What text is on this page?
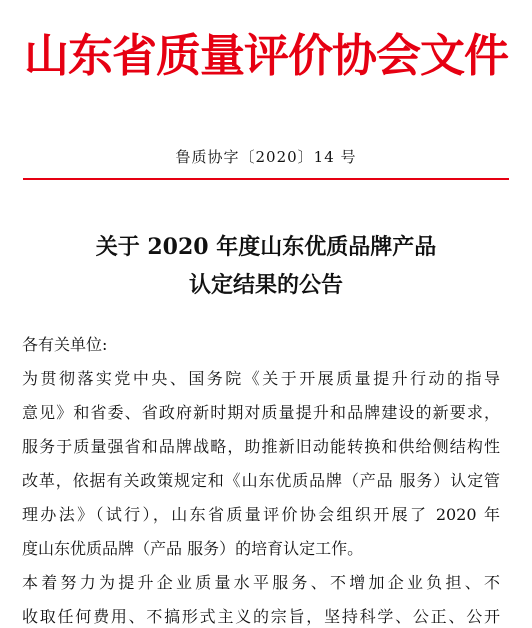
山东省质量评价协会文件
鲁质协字〔2020〕14 号
关于 2020 年度山东优质品牌产品
认定结果的公告
各有关单位:
为贯彻落实党中央、国务院《关于开展质量提升行动的指导
意见》和省委、省政府新时期对质量提升和品牌建设的新要求，
服务于质量强省和品牌战略，助推新旧动能转换和供给侧结构性
改革，依据有关政策规定和《山东优质品牌（产品 服务）认定管
理办法》（试行），山东省质量评价协会组织开展了 2020 年
度山东优质品牌（产品 服务）的培育认定工作。
本着努力为提升企业质量水平服务、不增加企业负担、不
收取任何费用、不搞形式主义的宗旨，坚持科学、公正、公开
